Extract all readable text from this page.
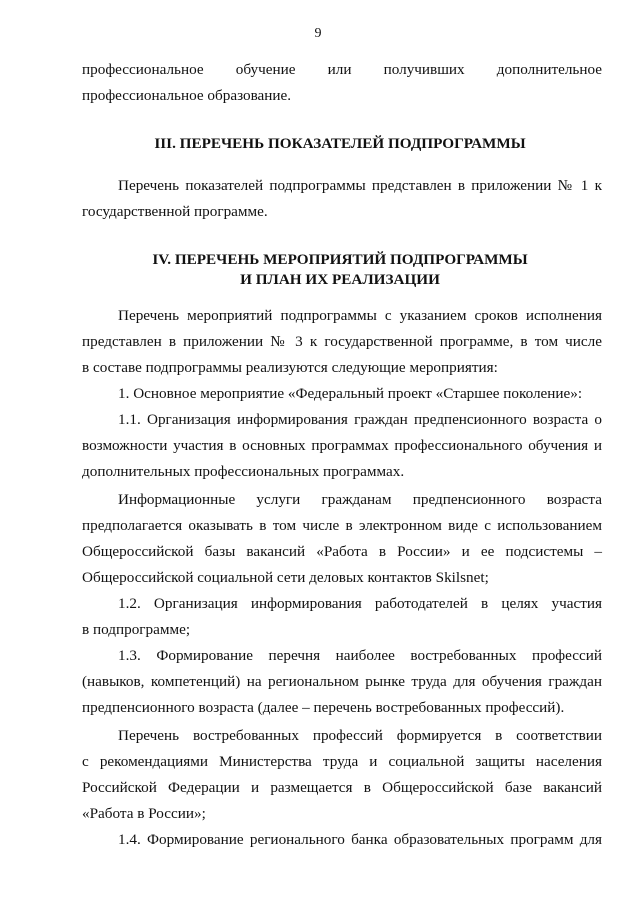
9
профессиональное обучение или получивших дополнительное
профессиональное образование.
III. ПЕРЕЧЕНЬ ПОКАЗАТЕЛЕЙ ПОДПРОГРАММЫ
Перечень показателей подпрограммы представлен в приложении № 1 к
государственной программе.
IV. ПЕРЕЧЕНЬ МЕРОПРИЯТИЙ ПОДПРОГРАММЫ
И ПЛАН ИХ РЕАЛИЗАЦИИ
Перечень мероприятий подпрограммы с указанием сроков исполнения
представлен в приложении № 3 к государственной программе, в том числе
в составе подпрограммы реализуются следующие мероприятия:
1. Основное мероприятие «Федеральный проект «Старшее поколение»:
1.1. Организация информирования граждан предпенсионного возраста о
возможности участия в основных программах профессионального обучения и
дополнительных профессиональных программах.
Информационные услуги гражданам предпенсионного возраста
предполагается оказывать в том числе в электронном виде с использованием
Общероссийской базы вакансий «Работа в России» и ее подсистемы –
Общероссийской социальной сети деловых контактов Skilsnet;
1.2. Организация информирования работодателей в целях участия
в подпрограмме;
1.3. Формирование перечня наиболее востребованных профессий
(навыков, компетенций) на региональном рынке труда для обучения граждан
предпенсионного возраста (далее – перечень востребованных профессий).
Перечень востребованных профессий формируется в соответствии
с рекомендациями Министерства труда и социальной защиты населения
Российской Федерации и размещается в Общероссийской базе вакансий
«Работа в России»;
1.4. Формирование регионального банка образовательных программ для
